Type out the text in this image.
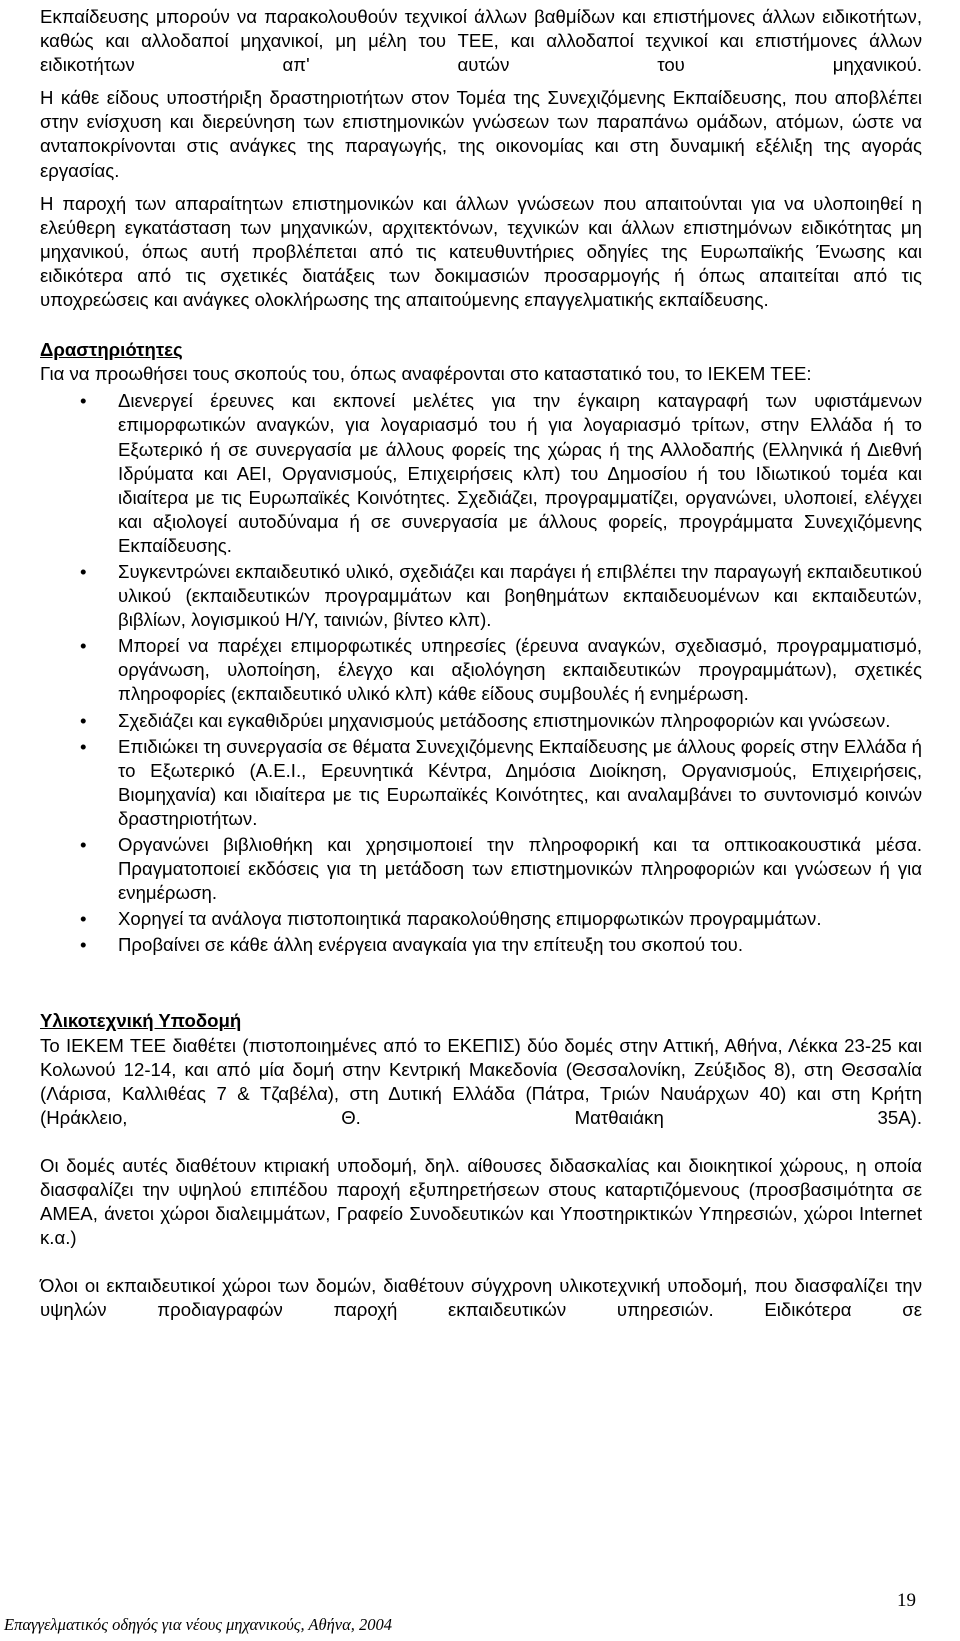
Εκπαίδευσης μπορούν να παρακολουθούν τεχνικοί άλλων βαθμίδων και επιστήμονες άλλων ειδικοτήτων, καθώς και αλλοδαποί μηχανικοί, μη μέλη του ΤΕΕ, και αλλοδαποί τεχνικοί και επιστήμονες άλλων ειδικοτήτων απ' αυτών του μηχανικού.

Η κάθε είδους υποστήριξη δραστηριοτήτων στον Τομέα της Συνεχιζόμενης Εκπαίδευσης, που αποβλέπει στην ενίσχυση και διερεύνηση των επιστημονικών γνώσεων των παραπάνω ομάδων, ατόμων, ώστε να ανταποκρίνονται στις ανάγκες της παραγωγής, της οικονομίας και στη δυναμική εξέλιξη της αγοράς εργασίας.

Η παροχή των απαραίτητων επιστημονικών και άλλων γνώσεων που απαιτούνται για να υλοποιηθεί η ελεύθερη εγκατάσταση των μηχανικών, αρχιτεκτόνων, τεχνικών και άλλων επιστημόνων ειδικότητας μη μηχανικού, όπως αυτή προβλέπεται από τις κατευθυντήριες οδηγίες της Ευρωπαϊκής Ένωσης και ειδικότερα από τις σχετικές διατάξεις των δοκιμασιών προσαρμογής ή όπως απαιτείται από τις υποχρεώσεις και ανάγκες ολοκλήρωσης της απαιτούμενης επαγγελματικής εκπαίδευσης.

Δραστηριότητες

Για να προωθήσει τους σκοπούς του, όπως αναφέρονται στο καταστατικό του, το ΙΕΚΕΜ ΤΕΕ:

• Διενεργεί έρευνες και εκπονεί μελέτες για την έγκαιρη καταγραφή των υφιστάμενων επιμορφωτικών αναγκών, για λογαριασμό του ή για λογαριασμό τρίτων, στην Ελλάδα ή το Εξωτερικό ή σε συνεργασία με άλλους φορείς της χώρας ή της Αλλοδαπής (Ελληνικά ή Διεθνή Ιδρύματα και ΑΕΙ, Οργανισμούς, Επιχειρήσεις κλπ) του Δημοσίου ή του Ιδιωτικού τομέα και ιδιαίτερα με τις Ευρωπαϊκές Κοινότητες. Σχεδιάζει, προγραμματίζει, οργανώνει, υλοποιεί, ελέγχει και αξιολογεί αυτοδύναμα ή σε συνεργασία με άλλους φορείς, προγράμματα Συνεχιζόμενης Εκπαίδευσης.
• Συγκεντρώνει εκπαιδευτικό υλικό, σχεδιάζει και παράγει ή επιβλέπει την παραγωγή εκπαιδευτικού υλικού (εκπαιδευτικών προγραμμάτων και βοηθημάτων εκπαιδευομένων και εκπαιδευτών, βιβλίων, λογισμικού Η/Υ, ταινιών, βίντεο κλπ).
• Μπορεί να παρέχει επιμορφωτικές υπηρεσίες (έρευνα αναγκών, σχεδιασμό, προγραμματισμό, οργάνωση, υλοποίηση, έλεγχο και αξιολόγηση εκπαιδευτικών προγραμμάτων), σχετικές πληροφορίες (εκπαιδευτικό υλικό κλπ) κάθε είδους συμβουλές ή ενημέρωση.
• Σχεδιάζει και εγκαθιδρύει μηχανισμούς μετάδοσης επιστημονικών πληροφοριών και γνώσεων.
• Επιδιώκει τη συνεργασία σε θέματα Συνεχιζόμενης Εκπαίδευσης με άλλους φορείς στην Ελλάδα ή το Εξωτερικό (Α.Ε.Ι., Ερευνητικά Κέντρα, Δημόσια Διοίκηση, Οργανισμούς, Επιχειρήσεις, Βιομηχανία) και ιδιαίτερα με τις Ευρωπαϊκές Κοινότητες, και αναλαμβάνει το συντονισμό κοινών δραστηριοτήτων.
• Οργανώνει βιβλιοθήκη και χρησιμοποιεί την πληροφορική και τα οπτικοακουστικά μέσα. Πραγματοποιεί εκδόσεις για τη μετάδοση των επιστημονικών πληροφοριών και γνώσεων ή για ενημέρωση.
• Χορηγεί τα ανάλογα πιστοποιητικά παρακολούθησης επιμορφωτικών προγραμμάτων.
• Προβαίνει σε κάθε άλλη ενέργεια αναγκαία για την επίτευξη του σκοπού του.

Υλικοτεχνική Υποδομή

Το ΙΕΚΕΜ ΤΕΕ διαθέτει (πιστοποιημένες από το ΕΚΕΠΙΣ) δύο δομές στην Αττική, Αθήνα, Λέκκα 23-25 και Κολωνού 12-14, και από μία δομή στην Κεντρική Μακεδονία (Θεσσαλονίκη, Ζεύξιδος 8), στη Θεσσαλία (Λάρισα, Καλλιθέας 7 & Τζαβέλα), στη Δυτική Ελλάδα (Πάτρα, Τριών Ναυάρχων 40) και στη Κρήτη (Ηράκλειο, Θ. Ματθαιάκη 35Α).

Οι δομές αυτές διαθέτουν κτιριακή υποδομή, δηλ. αίθουσες διδασκαλίας και διοικητικοί χώρους, η οποία διασφαλίζει την υψηλού επιπέδου παροχή εξυπηρετήσεων στους καταρτιζόμενους (προσβασιμότητα σε ΑΜΕΑ, άνετοι χώροι διαλειμμάτων, Γραφείο Συνοδευτικών και Υποστηρικτικών Υπηρεσιών, χώροι Internet κ.α.)

Όλοι οι εκπαιδευτικοί χώροι των δομών, διαθέτουν σύγχρονη υλικοτεχνική υποδομή, που διασφαλίζει την υψηλών προδιαγραφών παροχή εκπαιδευτικών υπηρεσιών. Ειδικότερα σε

19
Επαγγελματικός οδηγός για νέους μηχανικούς, Αθήνα, 2004
